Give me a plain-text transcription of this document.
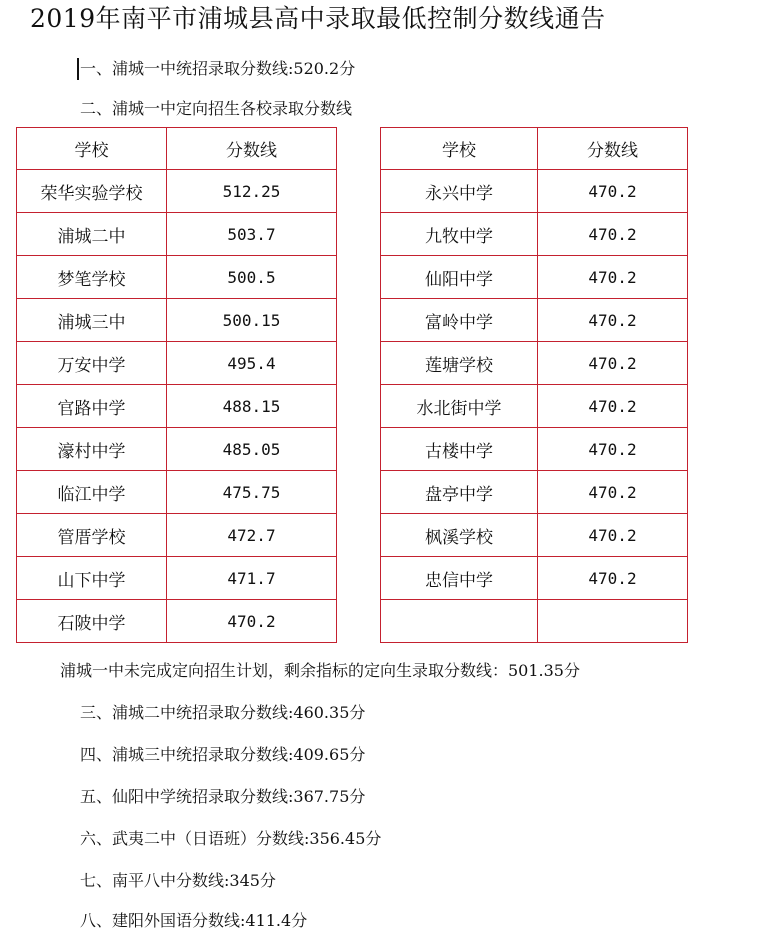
2019年南平市浦城县高中录取最低控制分数线通告
一、浦城一中统招录取分数线:520.2分
二、浦城一中定向招生各校录取分数线
学校	分数线
荣华实验学校	512.25
浦城二中	503.7
梦笔学校	500.5
浦城三中	500.15
万安中学	495.4
官路中学	488.15
濠村中学	485.05
临江中学	475.75
管厝学校	472.7
山下中学	471.7
石陂中学	470.2
学校	分数线
永兴中学	470.2
九牧中学	470.2
仙阳中学	470.2
富岭中学	470.2
莲塘学校	470.2
水北街中学	470.2
古楼中学	470.2
盘亭中学	470.2
枫溪学校	470.2
忠信中学	470.2

浦城一中未完成定向招生计划，剩余指标的定向生录取分数线：501.35分
三、浦城二中统招录取分数线:460.35分
四、浦城三中统招录取分数线:409.65分
五、仙阳中学统招录取分数线:367.75分
六、武夷二中（日语班）分数线:356.45分
七、南平八中分数线:345分
八、建阳外国语分数线:411.4分
